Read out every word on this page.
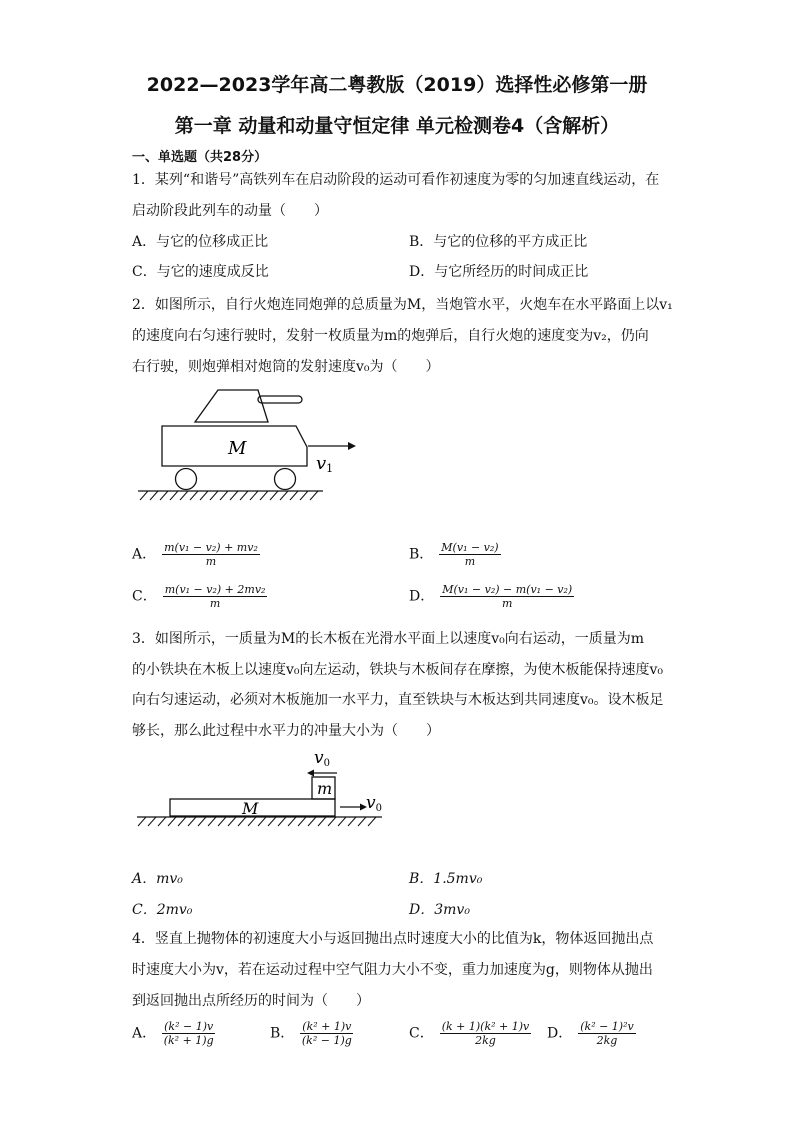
2022—2023学年高二粤教版（2019）选择性必修第一册
第一章 动量和动量守恒定律 单元检测卷4（含解析）
一、单选题（共28分）
1．某列“和谐号”高铁列车在启动阶段的运动可看作初速度为零的匀加速直线运动，在
启动阶段此列车的动量（　　）
A．与它的位移成正比	B．与它的位移的平方成正比
C．与它的速度成反比	D．与它所经历的时间成正比
2．如图所示，自行火炮连同炮弹的总质量为M，当炮管水平，火炮车在水平路面上以v₁
的速度向右匀速行驶时，发射一枚质量为m的炮弹后，自行火炮的速度变为v₂，仍向
右行驶，则炮弹相对炮筒的发射速度v₀为（　　）
M
v1
A． $\frac{\text{m(v₁ − v₂) + mv₂}}{m}$	B． $\frac{\text{M(v₁ − v₂)}}{m}$
C． $\frac{\text{m(v₁ − v₂) + 2mv₂}}{m}$	D． $\frac{\text{M(v₁ − v₂) − m(v₁ − v₂)}}{m}$
3．如图所示，一质量为M的长木板在光滑水平面上以速度v₀向右运动，一质量为m
的小铁块在木板上以速度v₀向左运动，铁块与木板间存在摩擦，为使木板能保持速度v₀
向右匀速运动，必须对木板施加一水平力，直至铁块与木板达到共同速度v₀。设木板足
够长，那么此过程中水平力的冲量大小为（　　）
v0
m
M	v0
A．mv₀	B．1.5mv₀
C．2mv₀	D．3mv₀
4．竖直上抛物体的初速度大小与返回抛出点时速度大小的比值为k，物体返回抛出点
时速度大小为v，若在运动过程中空气阻力大小不变，重力加速度为g，则物体从抛出
到返回抛出点所经历的时间为（　　）
A． $\frac{\text{(k² − 1)v}}{\text{(k² + 1)g}}$	B． $\frac{\text{(k² + 1)v}}{\text{(k² − 1)g}}$	C． $\frac{\text{(k + 1)(k² + 1)v}}{2kg}$ D． $\frac{\text{(k² − 1)²v}}{2kg}$
